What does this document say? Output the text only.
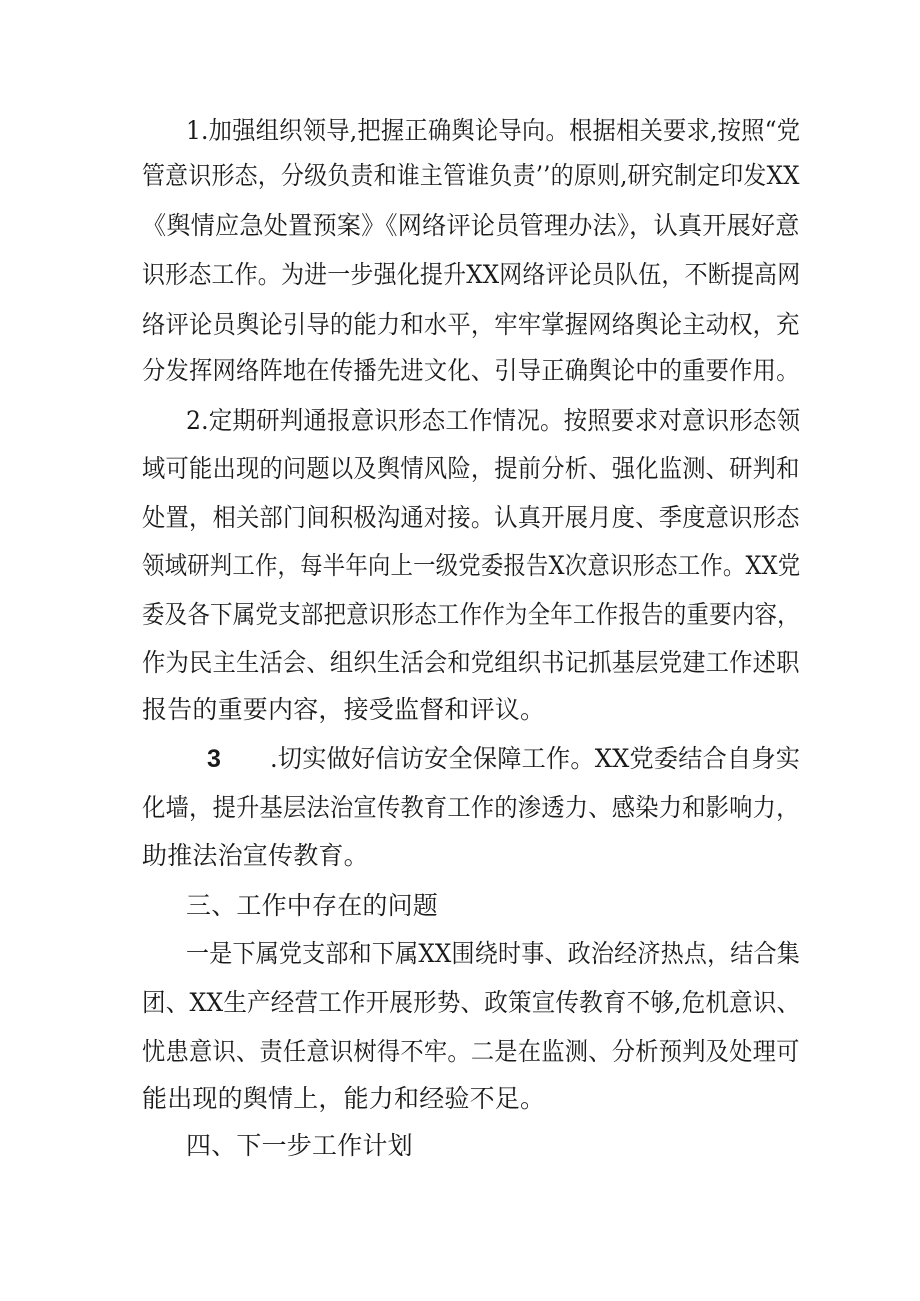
1.加强组织领导,把握正确舆论导向。根据相关要求,按照“党
管意识形态，分级负责和谁主管谁负责’’的原则,研究制定印发XX
《舆情应急处置预案》《网络评论员管理办法》，认真开展好意
识形态工作。为进一步强化提升XX网络评论员队伍，不断提高网
络评论员舆论引导的能力和水平，牢牢掌握网络舆论主动权，充
分发挥网络阵地在传播先进文化、引导正确舆论中的重要作用。
2.定期研判通报意识形态工作情况。按照要求对意识形态领
域可能出现的问题以及舆情风险，提前分析、强化监测、研判和
处置，相关部门间积极沟通对接。认真开展月度、季度意识形态
领域研判工作，每半年向上一级党委报告X次意识形态工作。XX党
委及各下属党支部把意识形态工作作为全年工作报告的重要内容，
作为民主生活会、组织生活会和党组织书记抓基层党建工作述职
报告的重要内容，接受监督和评议。
3 .切实做好信访安全保障工作。XX党委结合自身实
化墙，提升基层法治宣传教育工作的渗透力、感染力和影响力，
助推法治宣传教育。
三、工作中存在的问题
一是下属党支部和下属XX围绕时事、政治经济热点，结合集
团、XX生产经营工作开展形势、政策宣传教育不够,危机意识、
忧患意识、责任意识树得不牢。二是在监测、分析预判及处理可
能出现的舆情上，能力和经验不足。
四、下一步工作计划
